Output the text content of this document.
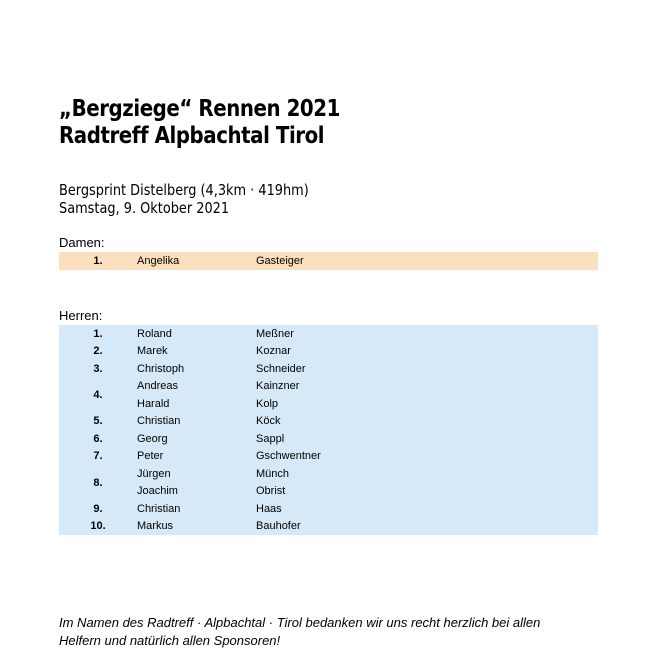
„Bergziege“ Rennen 2021
Radtreff Alpbachtal Tirol
Bergsprint Distelberg (4,3km · 419hm)
Samstag, 9. Oktober 2021
Damen:
1.	Angelika	Gasteiger
Herren:
1.	Roland	Meßner
2.	Marek	Koznar
3.	Christoph	Schneider
4.	Andreas	Kainzner
	Harald	Kolp
5.	Christian	Köck
6.	Georg	Sappl
7.	Peter	Gschwentner
8.	Jürgen	Münch
	Joachim	Obrist
9.	Christian	Haas
10.	Markus	Bauhofer
Im Namen des Radtreff · Alpbachtal · Tirol bedanken wir uns recht herzlich bei allen
Helfern und natürlich allen Sponsoren!
